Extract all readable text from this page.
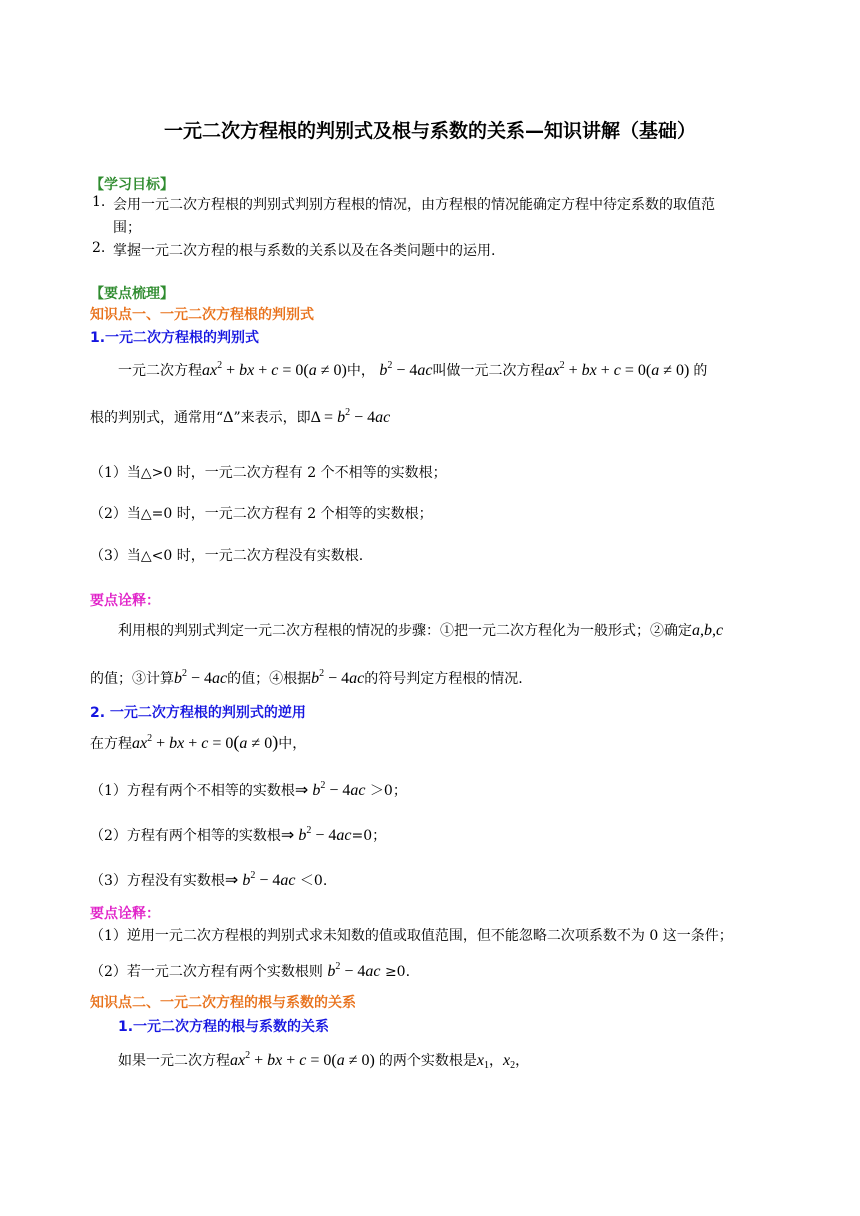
一元二次方程根的判别式及根与系数的关系—知识讲解（基础）
【学习目标】
1. 会用一元二次方程根的判别式判别方程根的情况，由方程根的情况能确定方程中待定系数的取值范
围；
2. 掌握一元二次方程的根与系数的关系以及在各类问题中的运用.
【要点梳理】
知识点一、一元二次方程根的判别式
1.一元二次方程根的判别式
一元二次方程$ax^2$ + bx + c = 0(a ≠ 0)中， $b^2 - 4ac$叫做一元二次方程$ax^2$ + bx + c = 0(a ≠ 0) 的
根的判别式，通常用“Δ”来表示，即$\Delta = b^2 - 4ac$
（1）当△>0 时，一元二次方程有 2 个不相等的实数根；
（2）当△=0 时，一元二次方程有 2 个相等的实数根；
（3）当△<0 时，一元二次方程没有实数根.
要点诠释：
利用根的判别式判定一元二次方程根的情况的步骤：①把一元二次方程化为一般形式；②确定a,b,c
的值；③计算$b^2 - 4ac$的值；④根据$b^2 - 4ac$的符号判定方程根的情况.
2. 一元二次方程根的判别式的逆用
在方程$ax^2$ + bx + c = 0(a ≠ 0)中，
（1）方程有两个不相等的实数根⇒ $b^2 - 4ac >0$；
（2）方程有两个相等的实数根⇒ $b^2 - 4ac=0$；
（3）方程没有实数根⇒ $b^2 - 4ac <0$.
要点诠释：
（1）逆用一元二次方程根的判别式求未知数的值或取值范围，但不能忽略二次项系数不为 0 这一条件；
（2）若一元二次方程有两个实数根则 $b^2 - 4ac \ge 0$.
知识点二、一元二次方程的根与系数的关系
1.一元二次方程的根与系数的关系
如果一元二次方程$ax^2$ + bx + c = 0(a ≠ 0) 的两个实数根是$x_1$，$x_2$，
